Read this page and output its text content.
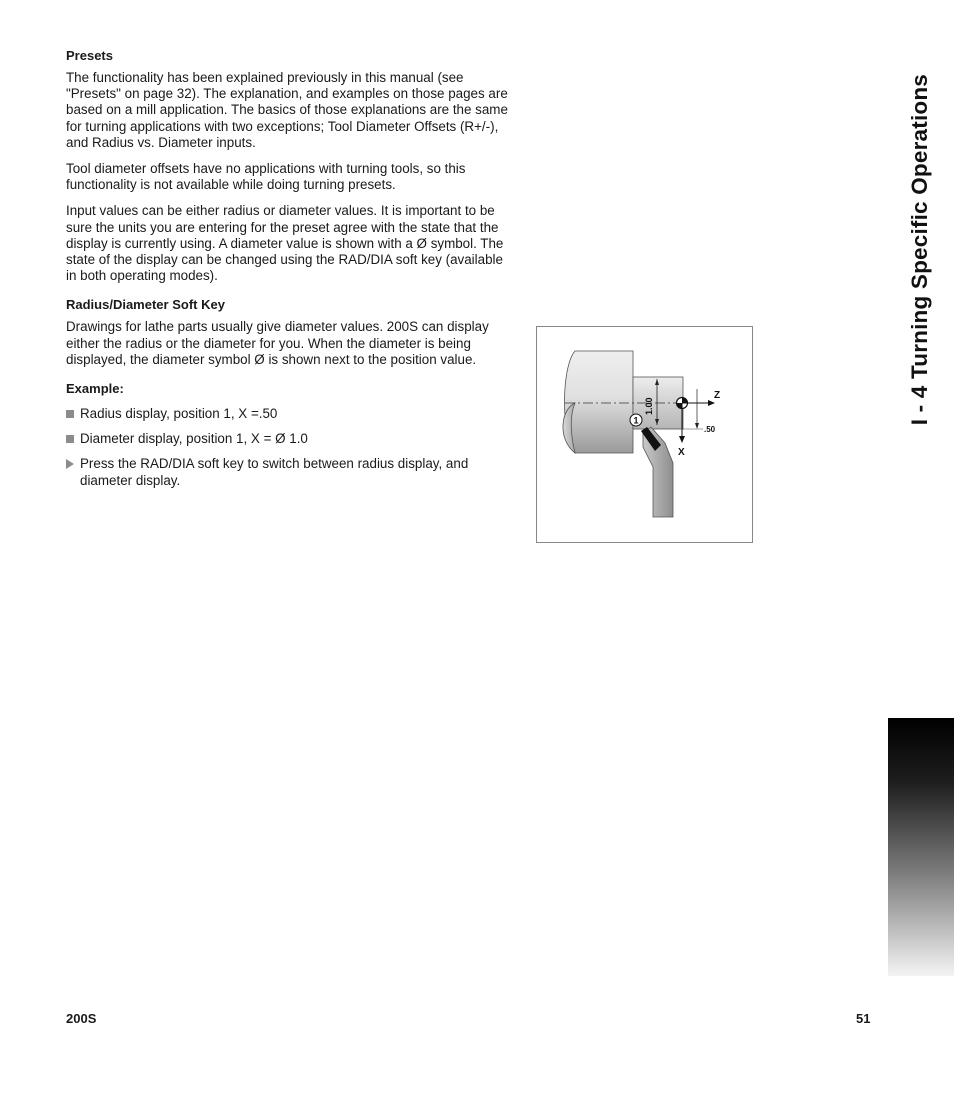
Presets

The functionality has been explained previously in this manual (see "Presets" on page 32). The explanation, and examples on those pages are based on a mill application. The basics of those explanations are the same for turning applications with two exceptions; Tool Diameter Offsets (R+/-), and Radius vs. Diameter inputs.

Tool diameter offsets have no applications with turning tools, so this functionality is not available while doing turning presets.

Input values can be either radius or diameter values. It is important to be sure the units you are entering for the preset agree with the state that the display is currently using. A diameter value is shown with a Ø symbol. The state of the display can be changed using the RAD/DIA soft key (available in both operating modes).

Radius/Diameter Soft Key

Drawings for lathe parts usually give diameter values. 200S can display either the radius or the diameter for you. When the diameter is being displayed, the diameter symbol Ø is shown next to the position value.

Example:
Radius display, position 1, X =.50
Diameter display, position 1, X = Ø 1.0
Press the RAD/DIA soft key to switch between radius display, and diameter display.
1.00
Z
X
.50
1	I - 4 Turning Specific Operations
200S	51
